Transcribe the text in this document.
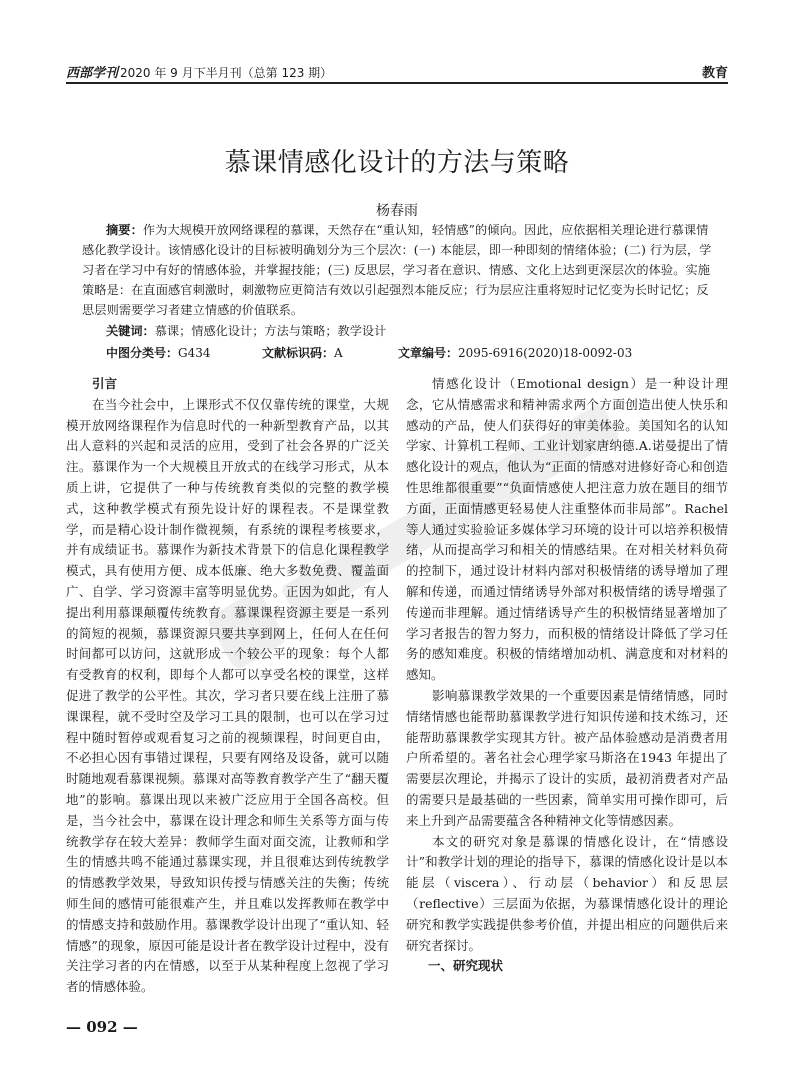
西部学刊 2020 年 9 月下半月刊（总第 123 期）	教育
慕课情感化设计的方法与策略
杨春雨
摘要：作为大规模开放网络课程的慕课，天然存在“重认知，轻情感”的倾向。因此，应依据相关理论进行慕课情感化教学设计。该情感化设计的目标被明确划分为三个层次：(一) 本能层，即一种即刻的情绪体验；(二) 行为层，学习者在学习中有好的情感体验，并掌握技能；(三) 反思层，学习者在意识、情感、文化上达到更深层次的体验。实施策略是：在直面感官刺激时，刺激物应更简洁有效以引起强烈本能反应；行为层应注重将短时记忆变为长时记忆；反思层则需要学习者建立情感的价值联系。
关键词：慕课；情感化设计；方法与策略；教学设计
中图分类号：G434	文献标识码：A	文章编号：2095-6916(2020)18-0092-03
引言

在当今社会中，上课形式不仅仅靠传统的课堂，大规模开放网络课程作为信息时代的一种新型教育产品，以其出人意料的兴起和灵活的应用，受到了社会各界的广泛关注。慕课作为一个大规模且开放式的在线学习形式，从本质上讲，它提供了一种与传统教育类似的完整的教学模式，这种教学模式有预先设计好的课程表。不是课堂教学，而是精心设计制作微视频，有系统的课程考核要求，并有成绩证书。慕课作为新技术背景下的信息化课程教学模式，具有使用方便、成本低廉、绝大多数免费、覆盖面广、自学、学习资源丰富等明显优势。正因为如此，有人提出利用慕课颠覆传统教育。慕课课程资源主要是一系列的简短的视频，慕课资源只要共享到网上，任何人在任何时间都可以访问，这就形成一个较公平的现象：每个人都有受教育的权利，即每个人都可以享受名校的课堂，这样促进了教学的公平性。其次，学习者只要在线上注册了慕课课程，就不受时空及学习工具的限制，也可以在学习过程中随时暂停或观看复习之前的视频课程，时间更自由，不必担心因有事错过课程，只要有网络及设备，就可以随时随地观看慕课视频。慕课对高等教育教学产生了“翻天覆地”的影响。慕课出现以来被广泛应用于全国各高校。但是，当今社会中，慕课在设计理念和师生关系等方面与传统教学存在较大差异：教师学生面对面交流，让教师和学生的情感共鸣不能通过慕课实现，并且很难达到传统教学的情感教学效果，导致知识传授与情感关注的失衡；传统师生间的感情可能很难产生，并且难以发挥教师在教学中的情感支持和鼓励作用。慕课教学设计出现了“重认知、轻情感”的现象，原因可能是设计者在教学设计过程中，没有关注学习者的内在情感，以至于从某种程度上忽视了学习者的情感体验。

情感化设计（Emotional design）是一种设计理念，它从情感需求和精神需求两个方面创造出使人快乐和感动的产品，使人们获得好的审美体验。美国知名的认知学家、计算机工程师、工业计划家唐纳德.A.诺曼提出了情感化设计的观点，他认为“正面的情感对进修好奇心和创造性思维都很重要”“负面情感使人把注意力放在题目的细节方面，正面情感更轻易使人注重整体而非局部”。Rachel 等人通过实验验证多媒体学习环境的设计可以培养积极情绪，从而提高学习和相关的情感结果。在对相关材料负荷的控制下，通过设计材料内部对积极情绪的诱导增加了理解和传递，而通过情绪诱导外部对积极情绪的诱导增强了传递而非理解。通过情绪诱导产生的积极情绪显著增加了学习者报告的智力努力，而积极的情绪设计降低了学习任务的感知难度。积极的情绪增加动机、满意度和对材料的感知。

影响慕课教学效果的一个重要因素是情绪情感，同时情绪情感也能帮助慕课教学进行知识传递和技术练习，还能帮助慕课教学实现其方针。被产品体验感动是消费者用户所希望的。著名社会心理学家马斯洛在1943 年提出了需要层次理论，并揭示了设计的实质，最初消费者对产品的需要只是最基础的一些因素，简单实用可操作即可，后来上升到产品需要蕴含各种精神文化等情感因素。

本文的研究对象是慕课的情感化设计，在“情感设计”和教学计划的理论的指导下，慕课的情感化设计是以本能层（viscera）、行动层（behavior）和反思层（reflective）三层面为依据，为慕课情感化设计的理论研究和教学实践提供参考价值，并提出相应的问题供后来研究者探讨。

一、研究现状
— 092 —
